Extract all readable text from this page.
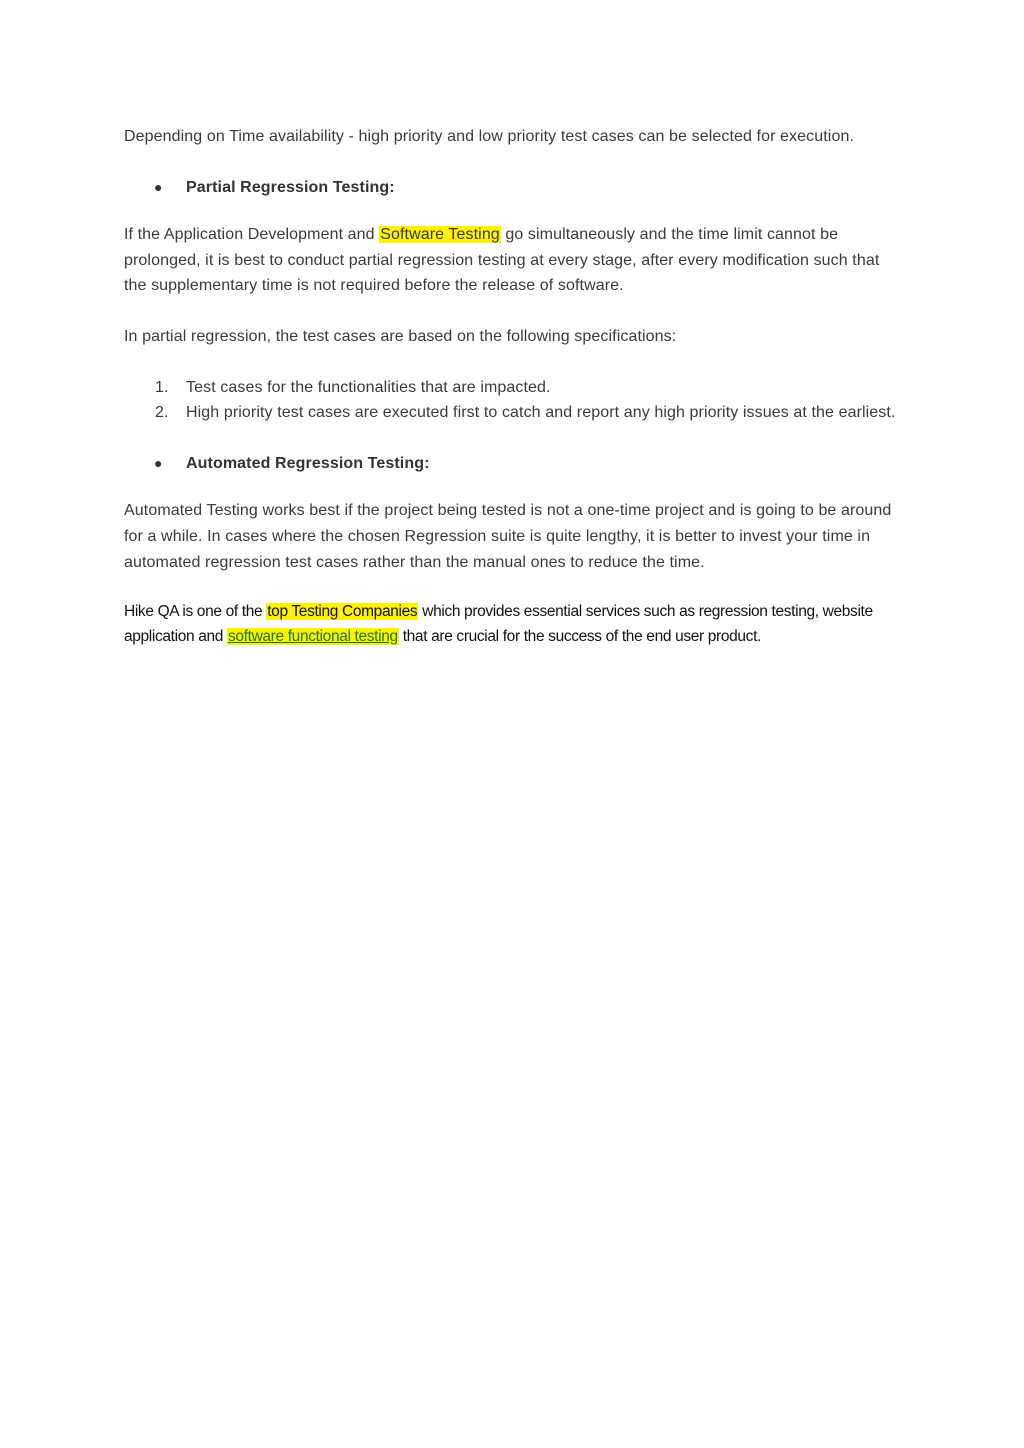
Depending on Time availability - high priority and low priority test cases can be selected for execution.

● Partial Regression Testing:

If the Application Development and Software Testing go simultaneously and the time limit cannot be prolonged, it is best to conduct partial regression testing at every stage, after every modification such that the supplementary time is not required before the release of software.

In partial regression, the test cases are based on the following specifications:

1. Test cases for the functionalities that are impacted.
2. High priority test cases are executed first to catch and report any high priority issues at the earliest.
● Automated Regression Testing:

Automated Testing works best if the project being tested is not a one-time project and is going to be around for a while. In cases where the chosen Regression suite is quite lengthy, it is better to invest your time in automated regression test cases rather than the manual ones to reduce the time.

Hike QA is one of the top Testing Companies which provides essential services such as regression testing, website application and software functional testing that are crucial for the success of the end user product.
